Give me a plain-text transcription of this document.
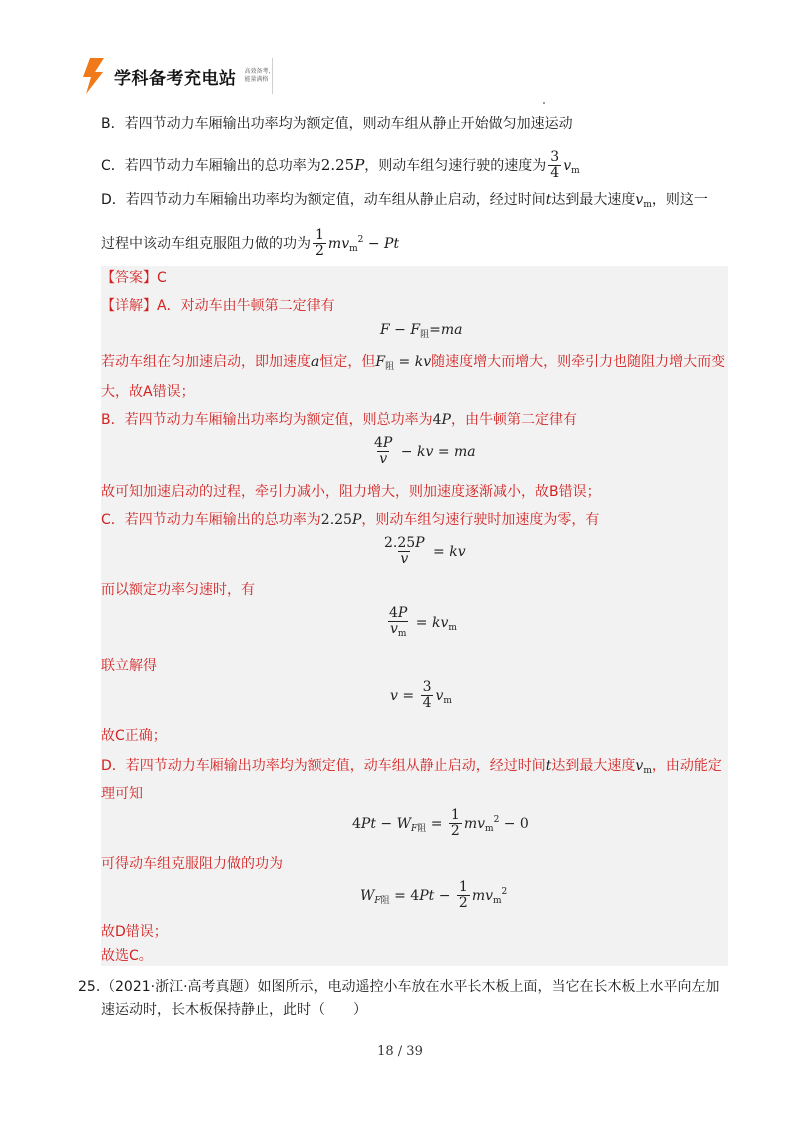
学科备考充电站 高效备考,
能量满格
B．若四节动力车厢输出功率均为额定值，则动车组从静止开始做匀加速运动
C．若四节动力车厢输出的总功率为2.25P，则动车组匀速行驶的速度为 $\frac{3}{4} v_m$
D．若四节动力车厢输出功率均为额定值，动车组从静止启动，经过时间t达到最大速度$v_m$，则这一
过程中该动车组克服阻力做的功为 $\frac{1}{2} mv_m^2 - Pt$
【答案】C
【详解】A．对动车由牛顿第二定律有
$F - F_阻=ma$
若动车组在匀加速启动，即加速度a恒定，但$F_阻$ = kv随速度增大而增大，则牵引力也随阻力增大而变
大，故A错误；
B．若四节动力车厢输出功率均为额定值，则总功率为4P，由牛顿第二定律有
$\frac{4P}{v}$ − kv = ma
故可知加速启动的过程，牵引力减小，阻力增大，则加速度逐渐减小，故B错误；
C．若四节动力车厢输出的总功率为2.25P，则动车组匀速行驶时加速度为零，有
$\frac{2.25P}{v}$ = kv
而以额定功率匀速时，有
$\frac{4P}{v_m} = kv_m$
联立解得
$v = \frac{3}{4} v_m$
故C正确；
D．若四节动力车厢输出功率均为额定值，动车组从静止启动，经过时间t达到最大速度$v_m$，由动能定
理可知
$4Pt - W_{F阻} = \frac{1}{2} mv_m^2 - 0$
可得动车组克服阻力做的功为
$W_{F阻} = 4Pt - \frac{1}{2} mv_m^2$
故D错误；
故选C。
25. （2021·浙江·高考真题）如图所示，电动遥控小车放在水平长木板上面，当它在长木板上水平向左加
速运动时，长木板保持静止，此时（　　）
18 / 39
